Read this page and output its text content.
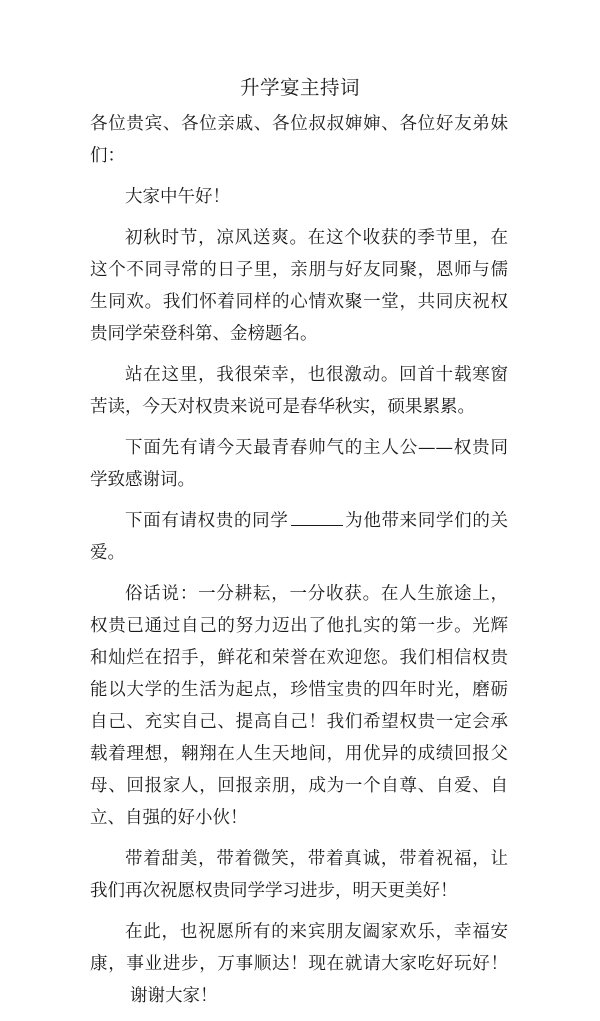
升学宴主持词

各位贵宾、各位亲戚、各位叔叔婶婶、各位好友弟妹们：

大家中午好！

初秋时节，凉风送爽。在这个收获的季节里，在这个不同寻常的日子里，亲朋与好友同聚，恩师与儒生同欢。我们怀着同样的心情欢聚一堂，共同庆祝权贵同学荣登科第、金榜题名。

站在这里，我很荣幸，也很激动。回首十载寒窗苦读，今天对权贵来说可是春华秋实，硕果累累。

下面先有请今天最青春帅气的主人公——权贵同学致感谢词。

下面有请权贵的同学	为他带来同学们的关爱。

俗话说：一分耕耘，一分收获。在人生旅途上，权贵已通过自己的努力迈出了他扎实的第一步。光辉和灿烂在招手，鲜花和荣誉在欢迎您。我们相信权贵能以大学的生活为起点，珍惜宝贵的四年时光，磨砺自己、充实自己、提高自己！我们希望权贵一定会承载着理想，翱翔在人生天地间，用优异的成绩回报父母、回报家人，回报亲朋，成为一个自尊、自爱、自立、自强的好小伙！

带着甜美，带着微笑，带着真诚，带着祝福，让我们再次祝愿权贵同学学习进步，明天更美好！

在此，也祝愿所有的来宾朋友阖家欢乐，幸福安康，事业进步，万事顺达！现在就请大家吃好玩好！谢谢大家！
